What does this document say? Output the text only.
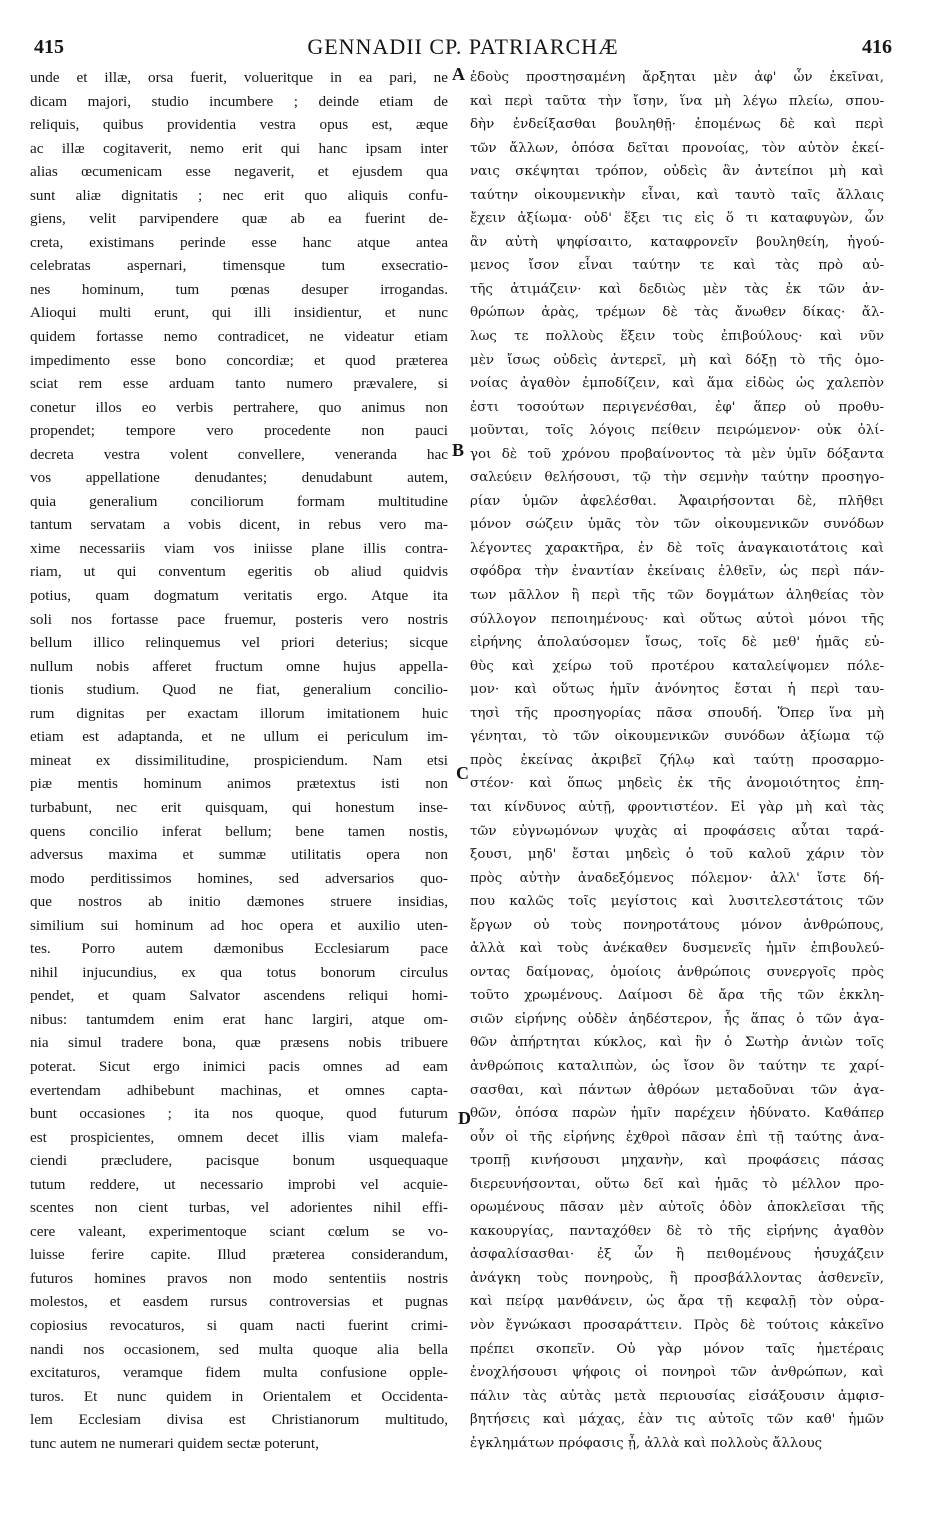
415	GENNADII CP. PATRIARCHÆ	416
unde et illæ, orsa fuerit, volueritque in ea pari, ne
dicam majori, studio incumbere ; deinde etiam de
reliquis, quibus providentia vestra opus est, æque
ac illæ cogitaverit, nemo erit qui hanc ipsam inter
alias œcumenicam esse negaverit, et ejusdem qua
sunt aliæ dignitatis ; nec erit quo aliquis confu-
giens, velit parvipendere quæ ab ea fuerint de-
creta, existimans perinde esse hanc atque antea
celebratas aspernari, timensque tum exsecratio-
nes hominum, tum pœnas desuper irrogandas.
Alioqui multi erunt, qui illi insidientur, et nunc
quidem fortasse nemo contradicet, ne videatur etiam
impedimento esse bono concordiæ; et quod præterea
sciat rem esse arduam tanto numero prævalere, si
conetur illos eo verbis pertrahere, quo animus non
propendet; tempore vero procedente non pauci
decreta vestra volent convellere, veneranda hac
vos appellatione denudantes; denudabunt autem,
quia generalium conciliorum formam multitudine
tantum servatam a vobis dicent, in rebus vero ma-
xime necessariis viam vos iniisse plane illis contra-
riam, ut qui conventum egeritis ob aliud quidvis
potius, quam dogmatum veritatis ergo. Atque ita
soli nos fortasse pace fruemur, posteris vero nostris
bellum illico relinquemus vel priori deterius; sicque
nullum nobis afferet fructum omne hujus appella-
tionis studium. Quod ne fiat, generalium concilio-
rum dignitas per exactam illorum imitationem huic
etiam est adaptanda, et ne ullum ei periculum im-
mineat ex dissimilitudine, prospiciendum. Nam etsi
piæ mentis hominum animos prætextus isti non
turbabunt, nec erit quisquam, qui honestum inse-
quens concilio inferat bellum; bene tamen nostis,
adversus maxima et summæ utilitatis opera non
modo perditissimos homines, sed adversarios quo-
que nostros ab initio dæmones struere insidias,
similium sui hominum ad hoc opera et auxilio uten-
tes. Porro autem dæmonibus Ecclesiarum pace
nihil injucundius, ex qua totus bonorum circulus
pendet, et quam Salvator ascendens reliqui homi-
nibus: tantumdem enim erat hanc largiri, atque om-
nia simul tradere bona, quæ præsens nobis tribuere
poterat. Sicut ergo inimici pacis omnes ad eam
evertendam adhibebunt machinas, et omnes capta-
bunt occasiones ; ita nos quoque, quod futurum
est prospicientes, omnem decet illis viam malefa-
ciendi præcludere, pacisque bonum usquequaque
tutum reddere, ut necessario improbi vel acquie-
scentes non cient turbas, vel adorientes nihil effi-
cere valeant, experimentoque sciant cœlum se vo-
luisse ferire capite. Illud præterea considerandum,
futuros homines pravos non modo sententiis nostris
molestos, et easdem rursus controversias et pugnas
copiosius revocaturos, si quam nacti fuerint crimi-
nandi nos occasionem, sed multa quoque alia bella
excitaturos, veramque fidem multa confusione opple-
turos. Et nunc quidem in Orientalem et Occidenta-
lem Ecclesiam divisa est Christianorum multitudo,
tunc autem ne numerari quidem sectæ poterunt,
A
B
C
D
ἐδοὺς προστησαμένη ἄρξηται μὲν ἀφ' ὧν ἐκεῖναι,
καὶ περὶ ταῦτα τὴν ἴσην, ἵνα μὴ λέγω πλείω, σπου-
δὴν ἐνδείξασθαι βουληθῇ· ἑπομένως δὲ καὶ περὶ
τῶν ἄλλων, ὁπόσα δεῖται προνοίας, τὸν αὐτὸν ἐκεί-
ναις σκέψηται τρόπον, οὐδεὶς ἂν ἀντείποι μὴ καὶ
ταύτην οἰκουμενικὴν εἶναι, καὶ ταυτὸ ταῖς ἄλλαις
ἔχειν ἀξίωμα· οὐδ' ἕξει τις εἰς ὅ τι καταφυγὼν, ὧν
ἂν αὐτὴ ψηφίσαιτο, καταφρονεῖν βουληθείη, ἡγού-
μενος ἴσον εἶναι ταύτην τε καὶ τὰς πρὸ αὐ-
τῆς ἀτιμάζειν· καὶ δεδιὼς μὲν τὰς ἐκ τῶν ἀν-
θρώπων ἀρὰς, τρέμων δὲ τὰς ἄνωθεν δίκας· ἄλ-
λως τε πολλοὺς ἕξειν τοὺς ἐπιβούλους· καὶ νῦν
μὲν ἴσως οὐδεὶς ἀντερεῖ, μὴ καὶ δόξῃ τὸ τῆς ὁμο-
νοίας ἀγαθὸν ἐμποδίζειν, καὶ ἅμα εἰδὼς ὡς χαλεπὸν
ἐστι τοσούτων περιγενέσθαι, ἐφ' ἅπερ οὐ προθυ-
μοῦνται, τοῖς λόγοις πείθειν πειρώμενον· οὐκ ὀλί-
γοι δὲ τοῦ χρόνου προβαίνοντος τὰ μὲν ὑμῖν δόξαντα
σαλεύειν θελήσουσι, τῷ τὴν σεμνὴν ταύτην προσηγο-
ρίαν ὑμῶν ἀφελέσθαι. Ἀφαιρήσονται δὲ, πλῆθει
μόνον σώζειν ὑμᾶς τὸν τῶν οἰκουμενικῶν συνόδων
λέγοντες χαρακτῆρα, ἐν δὲ τοῖς ἀναγκαιοτάτοις καὶ
σφόδρα τὴν ἐναντίαν ἐκείναις ἐλθεῖν, ὡς περὶ πάν-
των μᾶλλον ἢ περὶ τῆς τῶν δογμάτων ἀληθείας τὸν
σύλλογον πεποιημένους· καὶ οὕτως αὐτοὶ μόνοι τῆς
εἰρήνης ἀπολαύσομεν ἴσως, τοῖς δὲ μεθ' ἡμᾶς εὐ-
θὺς καὶ χείρω τοῦ προτέρου καταλείψομεν πόλε-
μον· καὶ οὕτως ἡμῖν ἀνόνητος ἔσται ἡ περὶ ταυ-
τησὶ τῆς προσηγορίας πᾶσα σπουδή. Ὅπερ ἵνα μὴ
γένηται, τὸ τῶν οἰκουμενικῶν συνόδων ἀξίωμα τῷ
πρὸς ἐκείνας ἀκριβεῖ ζήλῳ καὶ ταύτῃ προσαρμο-
στέον· καὶ ὅπως μηδεὶς ἐκ τῆς ἀνομοιότητος ἐπη-
ται κίνδυνος αὐτῇ, φροντιστέον. Εἰ γὰρ μὴ καὶ τὰς
τῶν εὐγνωμόνων ψυχὰς αἱ προφάσεις αὗται ταρά-
ξουσι, μηδ' ἔσται μηδεὶς ὁ τοῦ καλοῦ χάριν τὸν
πρὸς αὐτὴν ἀναδεξόμενος πόλεμον· ἀλλ' ἴστε δή-
που καλῶς τοῖς μεγίστοις καὶ λυσιτελεστάτοις τῶν
ἔργων οὐ τοὺς πονηροτάτους μόνον ἀνθρώπους,
ἀλλὰ καὶ τοὺς ἀνέκαθεν δυσμενεῖς ἡμῖν ἐπιβουλεύ-
οντας δαίμονας, ὁμοίοις ἀνθρώποις συνεργοῖς πρὸς
τοῦτο χρωμένους. Δαίμοσι δὲ ἄρα τῆς τῶν ἐκκλη-
σιῶν εἰρήνης οὐδὲν ἀηδέστερον, ἧς ἅπας ὁ τῶν ἀγα-
θῶν ἀπήρτηται κύκλος, καὶ ἣν ὁ Σωτὴρ ἀνιὼν τοῖς
ἀνθρώποις καταλιπὼν, ὡς ἴσον ὂν ταύτην τε χαρί-
σασθαι, καὶ πάντων ἀθρόων μεταδοῦναι τῶν ἀγα-
θῶν, ὁπόσα παρὼν ἡμῖν παρέχειν ἠδύνατο. Καθάπερ
οὖν οἱ τῆς εἰρήνης ἐχθροὶ πᾶσαν ἐπὶ τῇ ταύτης ἀνα-
τροπῇ κινήσουσι μηχανὴν, καὶ προφάσεις πάσας
διερευνήσονται, οὕτω δεῖ καὶ ἡμᾶς τὸ μέλλον προ-
ορωμένους πᾶσαν μὲν αὐτοῖς ὁδὸν ἀποκλεῖσαι τῆς
κακουργίας, πανταχόθεν δὲ τὸ τῆς εἰρήνης ἀγαθὸν
ἀσφαλίσασθαι· ἐξ ὧν ἢ πειθομένους ἡσυχάζειν
ἀνάγκη τοὺς πονηροὺς, ἢ προσβάλλοντας ἀσθενεῖν,
καὶ πείρᾳ μανθάνειν, ὡς ἄρα τῇ κεφαλῇ τὸν οὐρα-
νὸν ἔγνώκασι προσαράττειν. Πρὸς δὲ τούτοις κἀκεῖνο
πρέπει σκοπεῖν. Οὐ γὰρ μόνον ταῖς ἡμετέραις
ἐνοχλήσουσι ψήφοις οἱ πονηροὶ τῶν ἀνθρώπων, καὶ
πάλιν τὰς αὐτὰς μετὰ περιουσίας εἰσάξουσιν ἀμφισ-
βητήσεις καὶ μάχας, ἐὰν τις αὐτοῖς τῶν καθ' ἡμῶν
ἐγκλημάτων πρόφασις ᾖ, ἀλλὰ καὶ πολλοὺς ἄλλους
